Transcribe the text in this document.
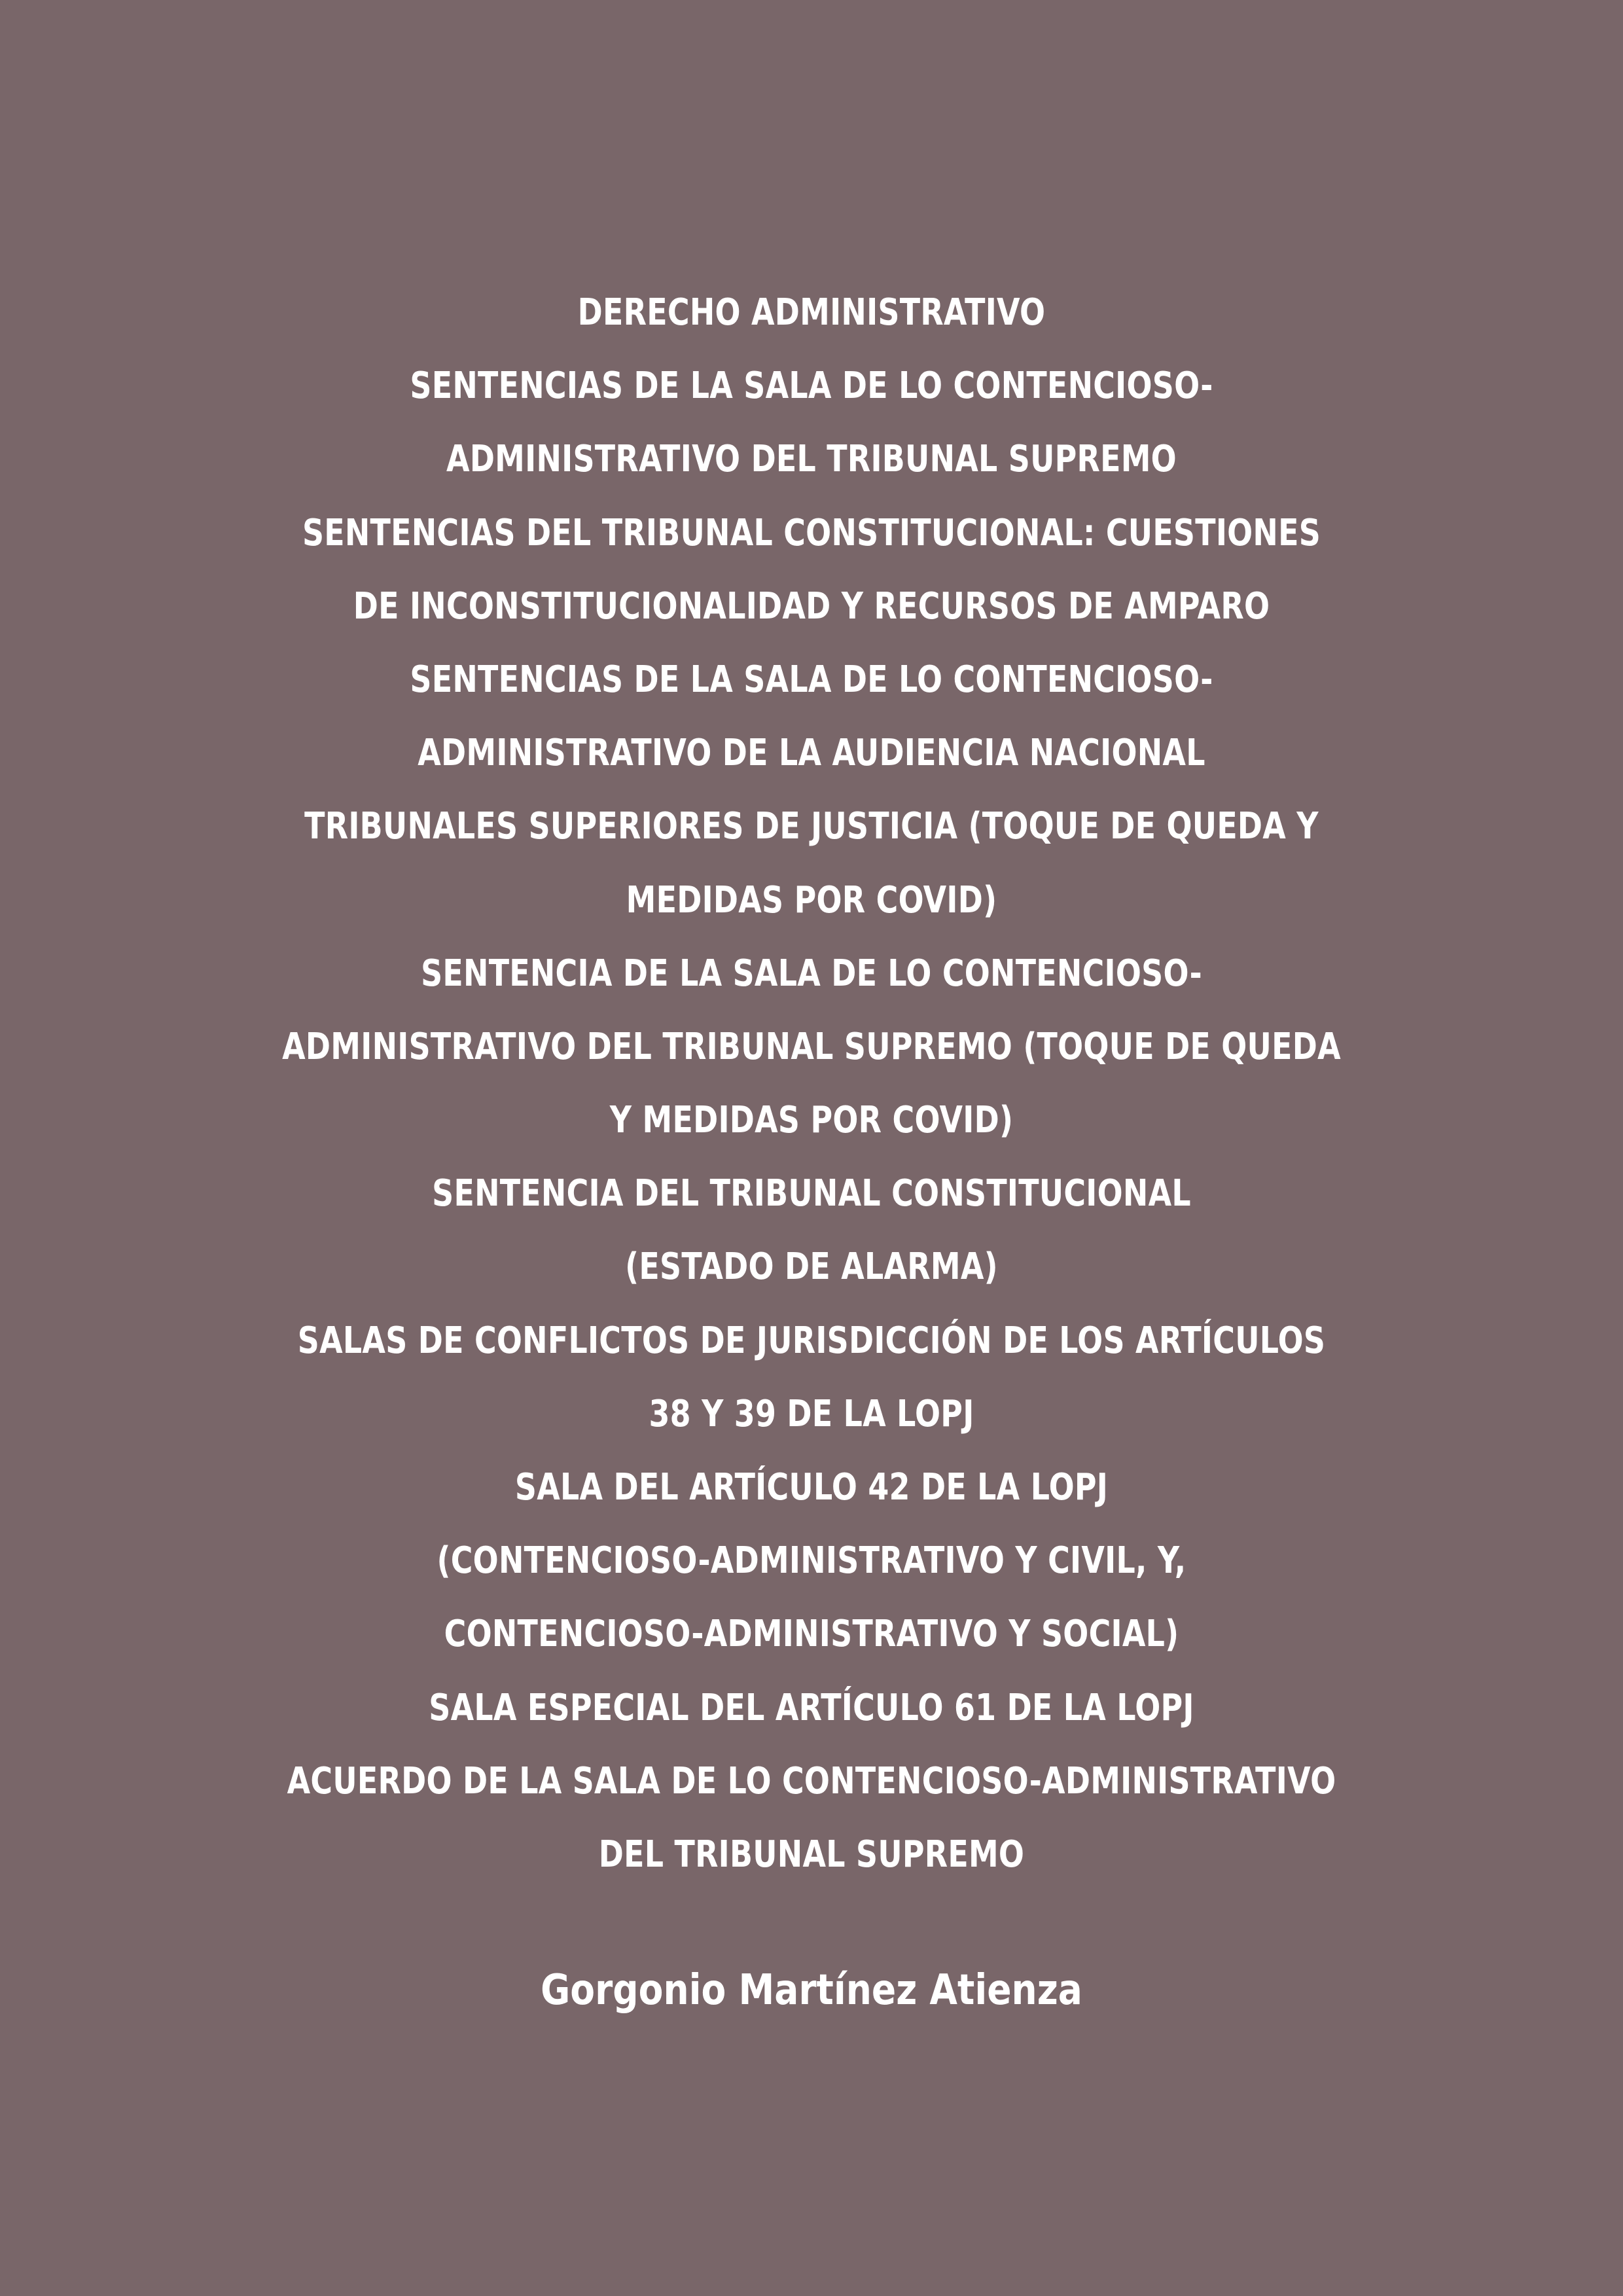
DERECHO ADMINISTRATIVO
SENTENCIAS DE LA SALA DE LO CONTENCIOSO-
ADMINISTRATIVO DEL TRIBUNAL SUPREMO
SENTENCIAS DEL TRIBUNAL CONSTITUCIONAL: CUESTIONES
DE INCONSTITUCIONALIDAD Y RECURSOS DE AMPARO
SENTENCIAS DE LA SALA DE LO CONTENCIOSO-
ADMINISTRATIVO DE LA AUDIENCIA NACIONAL
TRIBUNALES SUPERIORES DE JUSTICIA (TOQUE DE QUEDA Y
MEDIDAS POR COVID)
SENTENCIA DE LA SALA DE LO CONTENCIOSO-
ADMINISTRATIVO DEL TRIBUNAL SUPREMO (TOQUE DE QUEDA
Y MEDIDAS POR COVID)
SENTENCIA DEL TRIBUNAL CONSTITUCIONAL
(ESTADO DE ALARMA)
SALAS DE CONFLICTOS DE JURISDICCIÓN DE LOS ARTÍCULOS
38 Y 39 DE LA LOPJ
SALA DEL ARTÍCULO 42 DE LA LOPJ
(CONTENCIOSO-ADMINISTRATIVO Y CIVIL, Y,
CONTENCIOSO-ADMINISTRATIVO Y SOCIAL)
SALA ESPECIAL DEL ARTÍCULO 61 DE LA LOPJ
ACUERDO DE LA SALA DE LO CONTENCIOSO-ADMINISTRATIVO
DEL TRIBUNAL SUPREMO
Gorgonio Martínez Atienza
